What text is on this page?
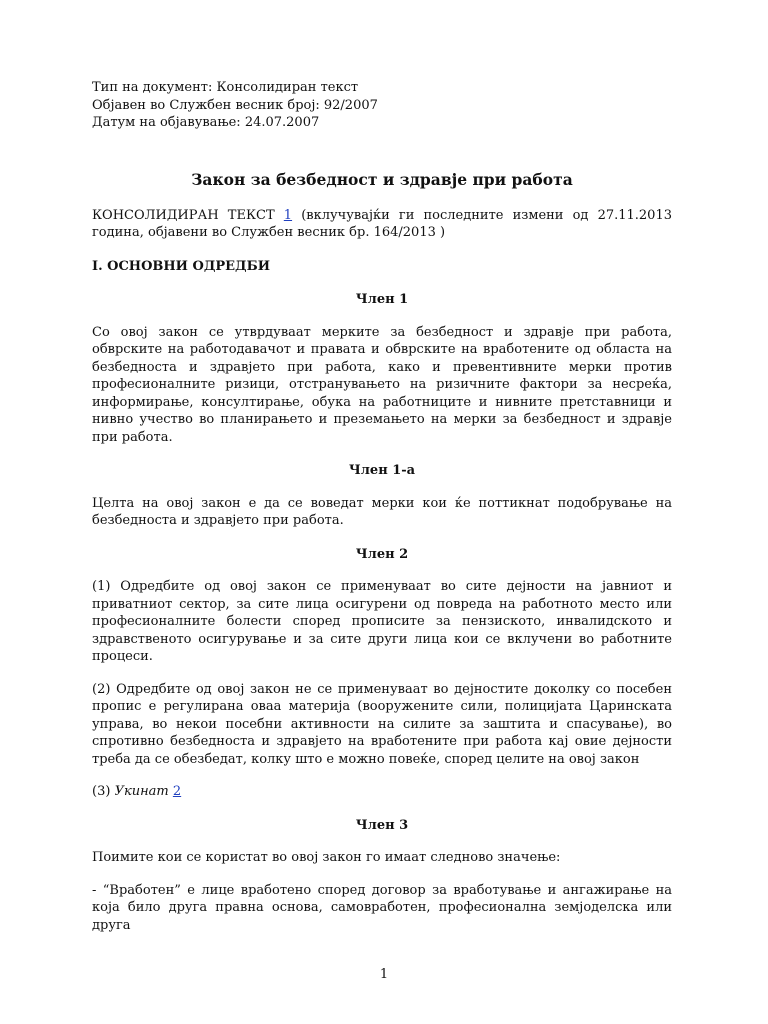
Тип на документ: Консолидиран текст

Објавен во Службен весник број: 92/2007

Датум на објавување: 24.07.2007

Закон за безбедност и здравје при работа

КОНСОЛИДИРАН ТЕКСТ 1 (вклучувајќи ги последните измени од 27.11.2013 година, објавени во Службен весник бр. 164/2013 )

I. ОСНОВНИ ОДРЕДБИ

Член 1

Со овој закон се утврдуваат мерките за безбедност и здравје при работа, обврските на работодавачот и правата и обврските на вработените од областа на безбедноста и здравјето при работа, како и превентивните мерки против професионалните ризици, отстранувањето на ризичните фактори за несреќа, информирање, консултирање, обука на работниците и нивните претставници и нивно учество во планирањето и преземањето на мерки за безбедност и здравје при работа.

Член 1-а

Целта на овој закон е да се воведат мерки кои ќе поттикнат подобрување на безбедноста и здравјето при работа.

Член 2

(1) Одредбите од овој закон се применуваат во сите дејности на јавниот и приватниот сектор, за сите лица осигурени од повреда на работното место или професионалните болести според прописите за пензиското, инвалидското и здравственото осигурување и за сите други лица кои се вклучени во работните процеси.

(2) Одредбите од овој закон не се применуваат во дејностите доколку со посебен пропис е регулирана оваа материја (вооружените сили, полицијата Царинската управа, во некои посебни активности на силите за заштита и спасување), во спротивно безбедноста и здравјето на вработените при работа кај овие дејности треба да се обезбедат, колку што е можно повеќе, според целите на овој закон

(3) Укинат 2

Член 3

Поимите кои се користат во овој закон го имаат следново значење:

- “Вработен” е лице вработено според договор за вработување и ангажирање на која било друга правна основа, самовработен, професионална земјоделска или друга

1
